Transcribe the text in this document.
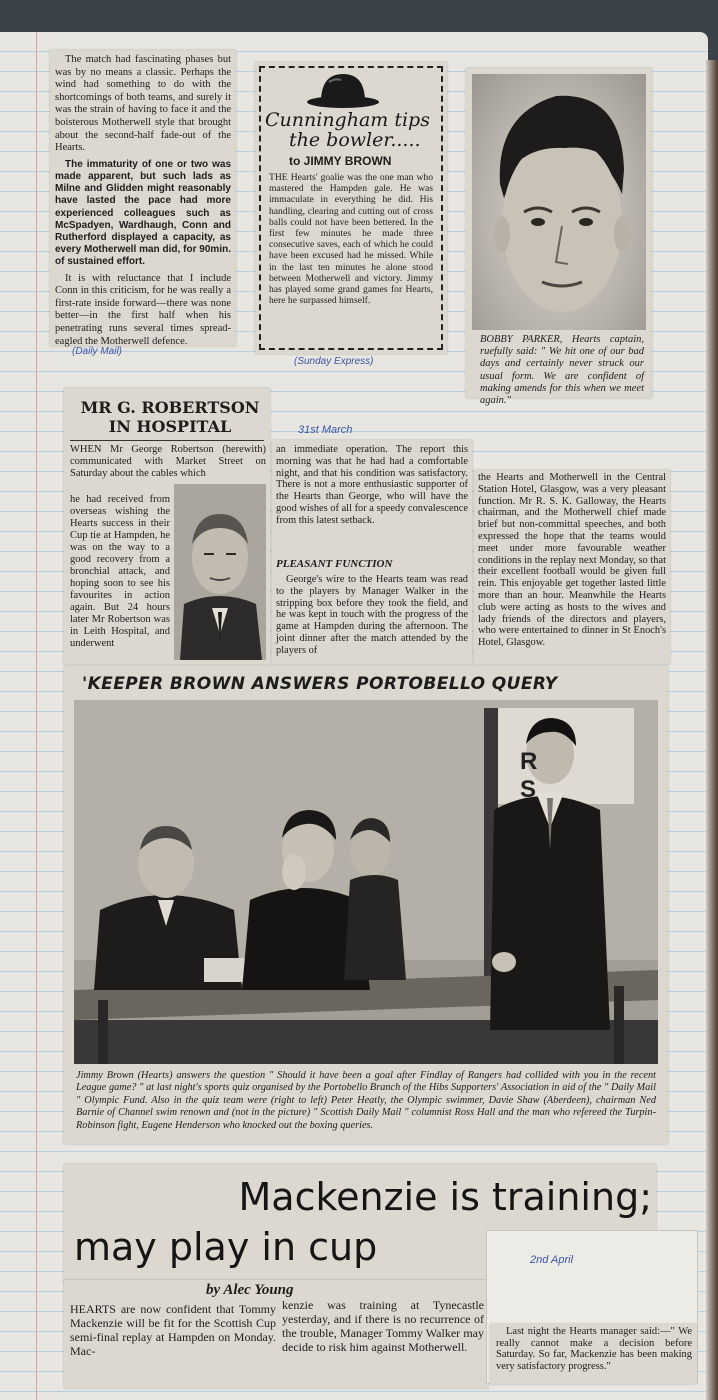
The match had fascinating phases but was by no means a classic. Perhaps the wind had something to do with the shortcomings of both teams, and surely it was the strain of having to face it and the boisterous Motherwell style that brought about the second-half fade-out of the Hearts.

The immaturity of one or two was made apparent, but such lads as Milne and Glidden might reasonably have lasted the pace had more experienced colleagues such as McSpadyen, Wardhaugh, Conn and Rutherford displayed a capacity, as every Motherwell man did, for 90min. of sustained effort.

It is with reluctance that I include Conn in this criticism, for he was really a first-rate inside forward—there was none better—in the first half when his penetrating runs several times spread-eagled the Motherwell defence.

(Daily Mail)
Cunningham tips
the bowler.....
to JIMMY BROWN

THE Hearts' goalie was the one man who mastered the Hampden gale. He was immaculate in everything he did. His handling, clearing and cutting out of cross balls could not have been bettered. In the first few minutes he made three consecutive saves, each of which he could have been excused had he missed. While in the last ten minutes he alone stood between Motherwell and victory. Jimmy has played some grand games for Hearts, here he surpassed himself.

(Sunday Express)

BOBBY PARKER, Hearts captain, ruefully said: " We hit one of our bad days and certainly never struck our usual form. We are confident of making amends for this when we meet again."

31st March
MR G. ROBERTSON
IN HOSPITAL

WHEN Mr George Robertson (herewith) communicated with Market Street on Saturday about the cables which

he had received from overseas wishing the Hearts success in their Cup tie at Hampden, he was on the way to a good recovery from a bronchial attack, and hoping soon to see his favourites in action again. But 24 hours later Mr Robertson was in Leith Hospital, and underwent

an immediate operation. The report this morning was that he had had a comfortable night, and that his condition was satisfactory. There is not a more enthusiastic supporter of the Hearts than George, who will have the good wishes of all for a speedy convalescence from this latest setback.

PLEASANT FUNCTION

George's wire to the Hearts team was read to the players by Manager Walker in the stripping box before they took the field, and he was kept in touch with the progress of the game at Hampden during the afternoon. The joint dinner after the match attended by the players of

the Hearts and Motherwell in the Central Station Hotel, Glasgow, was a very pleasant function. Mr R. S. K. Galloway, the Hearts chairman, and the Motherwell chief made brief but non-committal speeches, and both expressed the hope that the teams would meet under more favourable weather conditions in the replay next Monday, so that their excellent football would be given full rein. This enjoyable get together lasted little more than an hour. Meanwhile the Hearts club were acting as hosts to the wives and lady friends of the directors and players, who were entertained to dinner in St Enoch's Hotel, Glasgow.

'KEEPER BROWN ANSWERS PORTOBELLO QUERY
R S

Jimmy Brown (Hearts) answers the question " Should it have been a goal after Findlay of Rangers had collided with you in the recent League game? " at last night's sports quiz organised by the Portobello Branch of the Hibs Supporters' Association in aid of the " Daily Mail " Olympic Fund. Also in the quiz team were (right to left) Peter Heatly, the Olympic swimmer, Davie Shaw (Aberdeen), chairman Ned Barnie of Channel swim renown and (not in the picture) " Scottish Daily Mail " columnist Ross Hall and the man who refereed the Turpin-Robinson fight, Eugene Henderson who knocked out the boxing queries.

Mackenzie is training;
may play in cup
by Alec Young

HEARTS are now confident that Tommy Mackenzie will be fit for the Scottish Cup semi-final replay at Hampden on Monday. Mac-

kenzie was training at Tynecastle yesterday, and if there is no recurrence of the trouble, Manager Tommy Walker may decide to risk him against Motherwell.

2nd April

Last night the Hearts manager said:—" We really cannot make a decision before Saturday. So far, Mackenzie has been making very satisfactory progress."
